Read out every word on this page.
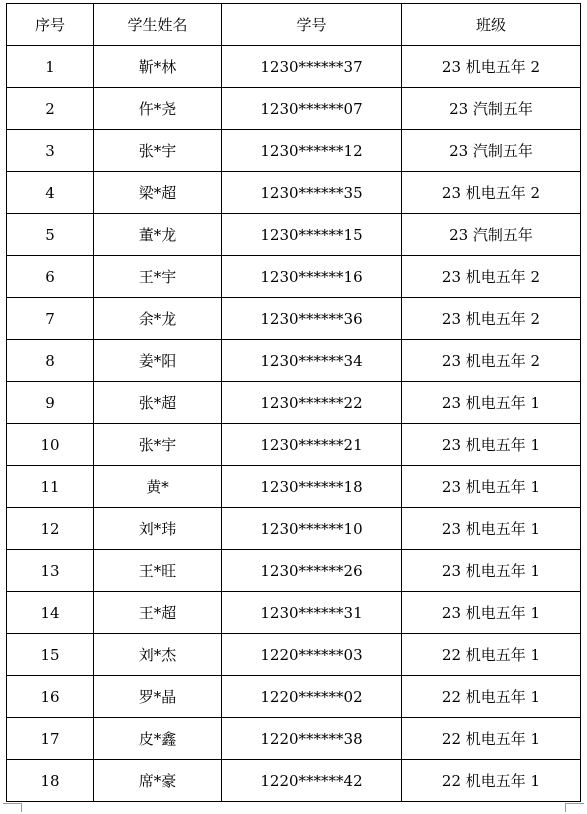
序号	学生姓名	学号	班级
1	靳*林	1230******37	23 机电五年 2
2	仵*尧	1230******07	23 汽制五年
3	张*宇	1230******12	23 汽制五年
4	梁*超	1230******35	23 机电五年 2
5	董*龙	1230******15	23 汽制五年
6	王*宇	1230******16	23 机电五年 2
7	余*龙	1230******36	23 机电五年 2
8	姜*阳	1230******34	23 机电五年 2
9	张*超	1230******22	23 机电五年 1
10	张*宇	1230******21	23 机电五年 1
11	黄*	1230******18	23 机电五年 1
12	刘*玮	1230******10	23 机电五年 1
13	王*旺	1230******26	23 机电五年 1
14	王*超	1230******31	23 机电五年 1
15	刘*杰	1220******03	22 机电五年 1
16	罗*晶	1220******02	22 机电五年 1
17	皮*鑫	1220******38	22 机电五年 1
18	席*豪	1220******42	22 机电五年 1
